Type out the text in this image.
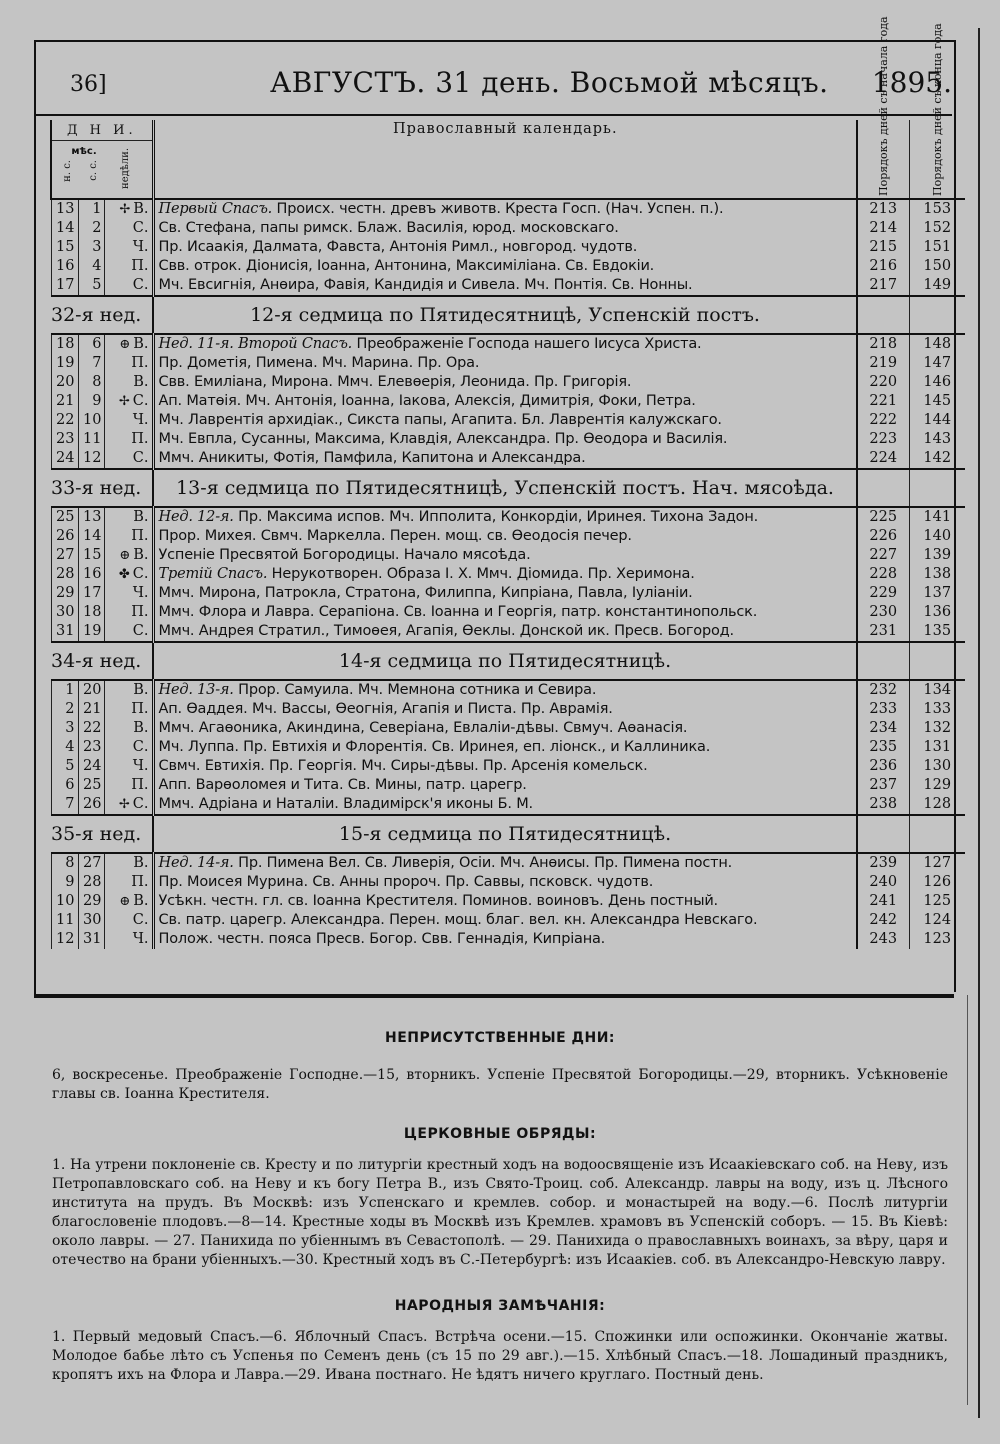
36]	АВГУСТЪ. 31 день. Восьмой мѣсяцъ. 1895.
Д Н И.
мѣс.
н. с. с. с. недѣли.			Православный календарь.	Порядокъ дней съ начала года	Порядокъ дней съ конца года

13	1	✢ В.	Первый Спасъ. Происх. честн. древъ животв. Креста Госп. (Нач. Успен. п.).	213	153
14	2	С.	Св. Стефана, папы римск. Блаж. Василія, юрод. московскаго.	214	152
15	3	Ч.	Пр. Исаакія, Далмата, Фавста, Антонія Римл., новгород. чудотв.	215	151
16	4	П.	Свв. отрок. Діонисія, Іоанна, Антонина, Максиміліана. Св. Евдокіи.	216	150
17	5	С.	Мч. Евсигнія, Анѳира, Фавія, Кандидія и Сивела. Мч. Понтія. Св. Нонны.	217	149
32-я нед.			12-я седмица по Пятидесятницѣ, Успенскій постъ.		
18	6	⊕ В.	Нед. 11-я. Второй Спасъ. Преображеніе Господа нашего Іисуса Христа.	218	148
19	7	П.	Пр. Дометія, Пимена. Мч. Марина. Пр. Ора.	219	147
20	8	В.	Свв. Емиліана, Мирона. Ммч. Елевѳерія, Леонида. Пр. Григорія.	220	146
21	9	✢ С.	Ап. Матѳія. Мч. Антонія, Іоанна, Іакова, Алексія, Димитрія, Фоки, Петра.	221	145
22	10	Ч.	Мч. Лаврентія архидіак., Сикста папы, Агапита. Бл. Лаврентія калужскаго.	222	144
23	11	П.	Мч. Евпла, Сусанны, Максима, Клавдія, Александра. Пр. Ѳеодора и Василія.	223	143
24	12	С.	Ммч. Аникиты, Фотія, Памфила, Капитона и Александра.	224	142
33-я нед.			13-я седмица по Пятидесятницѣ, Успенскій постъ. Нач. мясоѣда.		
25	13	В.	Нед. 12-я. Пр. Максима испов. Мч. Ипполита, Конкордіи, Иринея. Тихона Задон.	225	141
26	14	П.	Прор. Михея. Свмч. Маркелла. Перен. мощ. св. Ѳеодосія печер.	226	140
27	15	⊕ В.	Успеніе Пресвятой Богородицы. Начало мясоѣда.	227	139
28	16	✤ С.	Третій Спасъ. Нерукотворен. Образа І. Х. Ммч. Діомида. Пр. Херимона.	228	138
29	17	Ч.	Ммч. Мирона, Патрокла, Стратона, Филиппа, Кипріана, Павла, Іуліаніи.	229	137
30	18	П.	Ммч. Флора и Лавра. Серапіона. Св. Іоанна и Георгія, патр. константинопольск.	230	136
31	19	С.	Ммч. Андрея Стратил., Тимоѳея, Агапія, Ѳеклы. Донской ик. Пресв. Богород.	231	135
34-я нед.			14-я седмица по Пятидесятницѣ.		
1	20	В.	Нед. 13-я. Прор. Самуила. Мч. Мемнона сотника и Севира.	232	134
2	21	П.	Ап. Ѳаддея. Мч. Вассы, Ѳеогнія, Агапія и Писта. Пр. Аврамія.	233	133
3	22	В.	Ммч. Агаѳоника, Акиндина, Северіана, Евлаліи-дѣвы. Свмуч. Аѳанасія.	234	132
4	23	С.	Мч. Луппа. Пр. Евтихія и Флорентія. Св. Иринея, еп. ліонск., и Каллиника.	235	131
5	24	Ч.	Свмч. Евтихія. Пр. Георгія. Мч. Сиры-дѣвы. Пр. Арсенія комельск.	236	130
6	25	П.	Апп. Варѳоломея и Тита. Св. Мины, патр. царегр.	237	129
7	26	✢ С.	Ммч. Адріана и Наталіи. Владимірск'я иконы Б. М.	238	128
35-я нед.			15-я седмица по Пятидесятницѣ.		
8	27	В.	Нед. 14-я. Пр. Пимена Вел. Св. Ливерія, Осіи. Мч. Анѳисы. Пр. Пимена постн.	239	127
9	28	П.	Пр. Моисея Мурина. Св. Анны пророч. Пр. Саввы, псковск. чудотв.	240	126
10	29	⊕ В.	Усѣкн. честн. гл. св. Іоанна Крестителя. Поминов. воиновъ. День постный.	241	125
11	30	С.	Св. патр. царегр. Александра. Перен. мощ. благ. вел. кн. Александра Невскаго.	242	124
12	31	Ч.	Полож. честн. пояса Пресв. Богор. Свв. Геннадія, Кипріана.	243	123
НЕПРИСУТСТВЕННЫЕ ДНИ:
6, воскресенье. Преображеніе Господне.—15, вторникъ. Успеніе Пресвятой Богородицы.—29, вторникъ. Усѣкновеніе главы св. Іоанна Крестителя.
ЦЕРКОВНЫЕ ОБРЯДЫ:
1. На утрени поклоненіе св. Кресту и по литургіи крестный ходъ на водоосвященіе изъ Исаакіевскаго соб. на Неву, изъ Петропавловскаго соб. на Неву и къ богу Петра В., изъ Свято-Троиц. соб. Александр. лавры на воду, изъ ц. Лѣсного института на прудъ. Въ Москвѣ: изъ Успенскаго и кремлев. собор. и монастырей на воду.—6. Послѣ литургіи благословеніе плодовъ.—8—14. Крестные ходы въ Москвѣ изъ Кремлев. храмовъ въ Успенскій соборъ. — 15. Въ Кіевѣ: около лавры. — 27. Панихида по убіеннымъ въ Севастополѣ. — 29. Панихида о православныхъ воинахъ, за вѣру, царя и отечество на брани убіенныхъ.—30. Крестный ходъ въ С.-Петербургѣ: изъ Исаакіев. соб. въ Александро-Невскую лавру.
НАРОДНЫЯ ЗАМѢЧАНІЯ:
1. Первый медовый Спасъ.—6. Яблочный Спасъ. Встрѣча осени.—15. Спожинки или оспожинки. Окончаніе жатвы. Молодое бабье лѣто съ Успенья по Семенъ день (съ 15 по 29 авг.).—15. Хлѣбный Спасъ.—18. Лошадиный праздникъ, кропятъ ихъ на Флора и Лавра.—29. Ивана постнаго. Не ѣдятъ ничего круглаго. Постный день.
